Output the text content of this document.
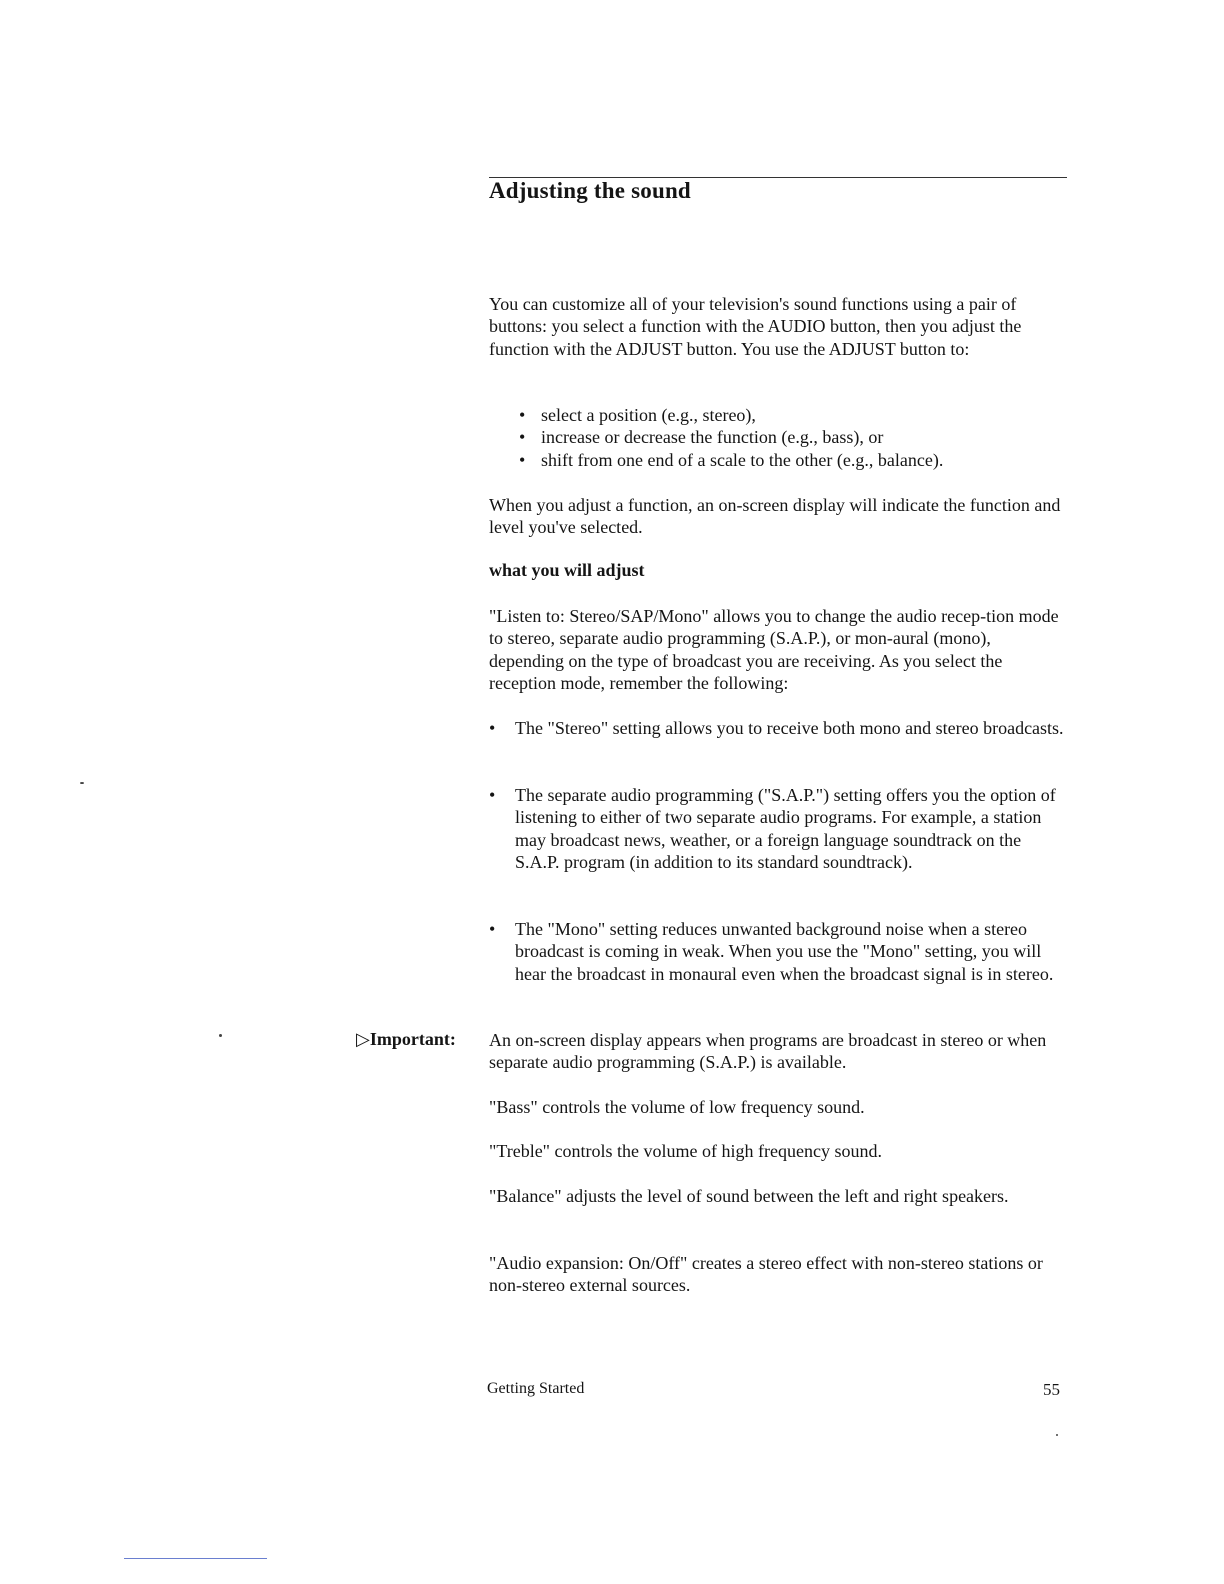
Adjusting the sound

You can customize all of your television's sound functions using a pair of buttons: you select a function with the AUDIO button, then you adjust the function with the ADJUST button. You use the ADJUST button to:

• select a position (e.g., stereo),
• increase or decrease the function (e.g., bass), or
• shift from one end of a scale to the other (e.g., balance).

When you adjust a function, an on-screen display will indicate the function and level you've selected.

what you will adjust

"Listen to: Stereo/SAP/Mono" allows you to change the audio recep-tion mode to stereo, separate audio programming (S.A.P.), or mon-aural (mono), depending on the type of broadcast you are receiving. As you select the reception mode, remember the following:

• The "Stereo" setting allows you to receive both mono and stereo broadcasts.
• The separate audio programming ("S.A.P.") setting offers you the option of listening to either of two separate audio programs. For example, a station may broadcast news, weather, or a foreign language soundtrack on the S.A.P. program (in addition to its standard soundtrack).
• The "Mono" setting reduces unwanted background noise when a stereo broadcast is coming in weak. When you use the "Mono" setting, you will hear the broadcast in monaural even when the broadcast signal is in stereo.
▷Important: An on-screen display appears when programs are broadcast in stereo or when separate audio programming (S.A.P.) is available.

"Bass" controls the volume of low frequency sound.

"Treble" controls the volume of high frequency sound.

"Balance" adjusts the level of sound between the left and right speakers.

"Audio expansion: On/Off" creates a stereo effect with non-stereo stations or non-stereo external sources.

Getting Started	55
